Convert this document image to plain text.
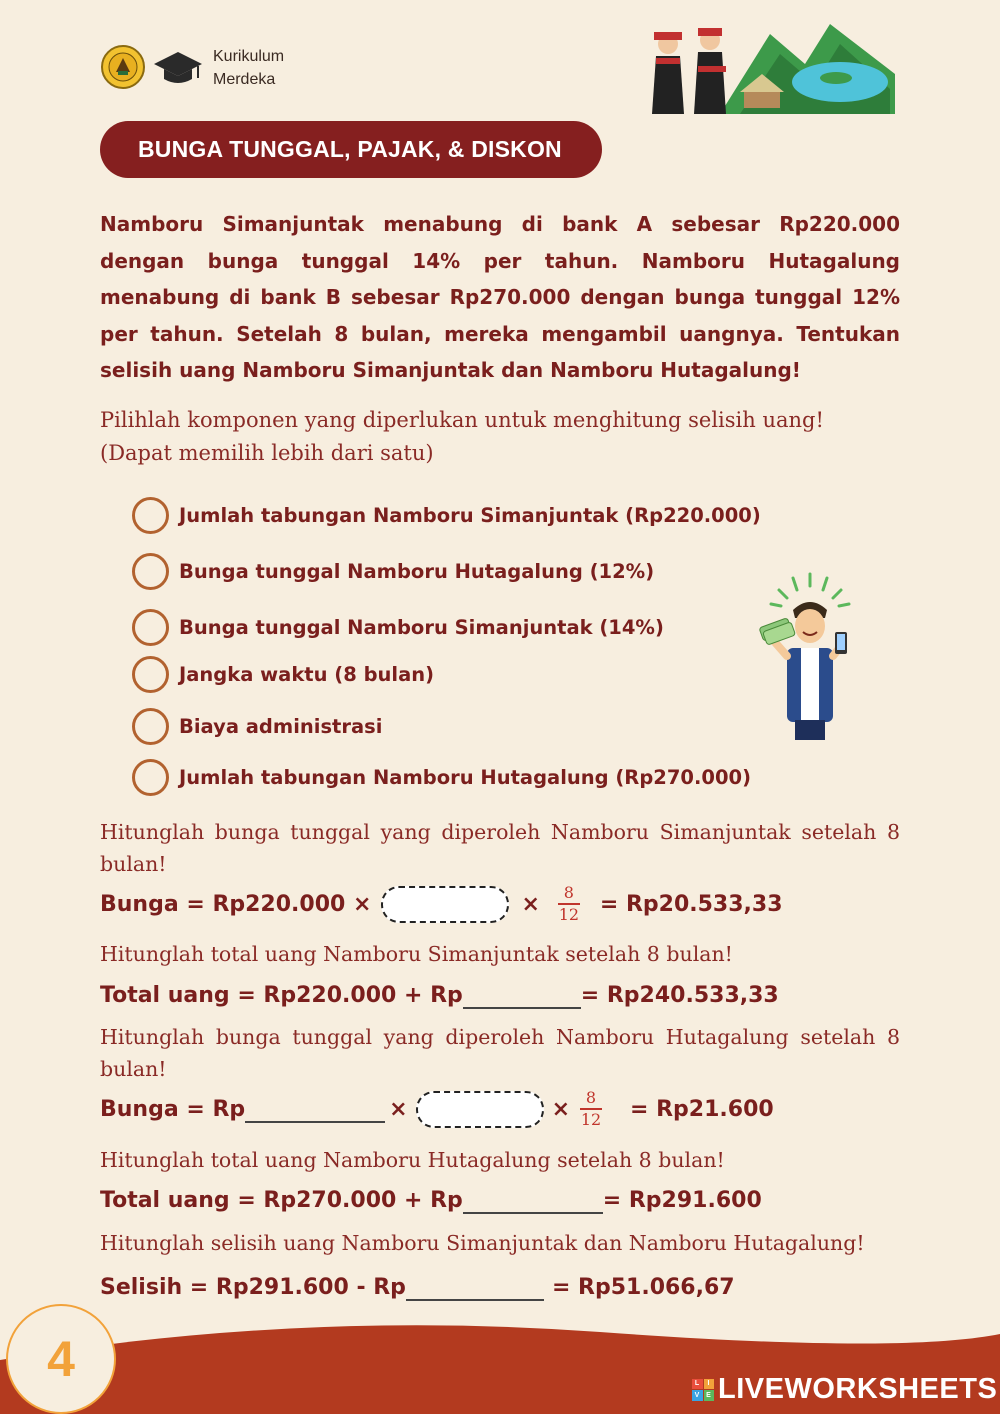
Kurikulum
Merdeka
BUNGA TUNGGAL, PAJAK, & DISKON
Namboru Simanjuntak menabung di bank A sebesar Rp220.000 dengan bunga tunggal 14% per tahun. Namboru Hutagalung menabung di bank B sebesar Rp270.000 dengan bunga tunggal 12% per tahun. Setelah 8 bulan, mereka mengambil uangnya. Tentukan selisih uang Namboru Simanjuntak dan Namboru Hutagalung!
Pilihlah komponen yang diperlukan untuk menghitung selisih uang!
(Dapat memilih lebih dari satu)
Jumlah tabungan Namboru Simanjuntak (Rp220.000)
Bunga tunggal Namboru Hutagalung (12%)
Bunga tunggal Namboru Simanjuntak (14%)
Jangka waktu (8 bulan)
Biaya administrasi
Jumlah tabungan Namboru Hutagalung (Rp270.000)
Hitunglah bunga tunggal yang diperoleh Namboru Simanjuntak setelah 8 bulan!
Bunga = Rp220.000 ×	× $\frac{8}{12} = Rp20.533,33$
Hitunglah total uang Namboru Simanjuntak setelah 8 bulan!
Total uang = Rp220.000 + Rp	= Rp240.533,33
Hitunglah bunga tunggal yang diperoleh Namboru Hutagalung setelah 8 bulan!
Bunga = Rp	×	× $\frac{8}{12} = Rp21.600$
Hitunglah total uang Namboru Hutagalung setelah 8 bulan!
Total uang = Rp270.000 + Rp	= Rp291.600
Hitunglah selisih uang Namboru Simanjuntak dan Namboru Hutagalung!
Selisih = Rp291.600 - Rp	= Rp51.066,67
4	L	I
V E LIVEWORKSHEETS
